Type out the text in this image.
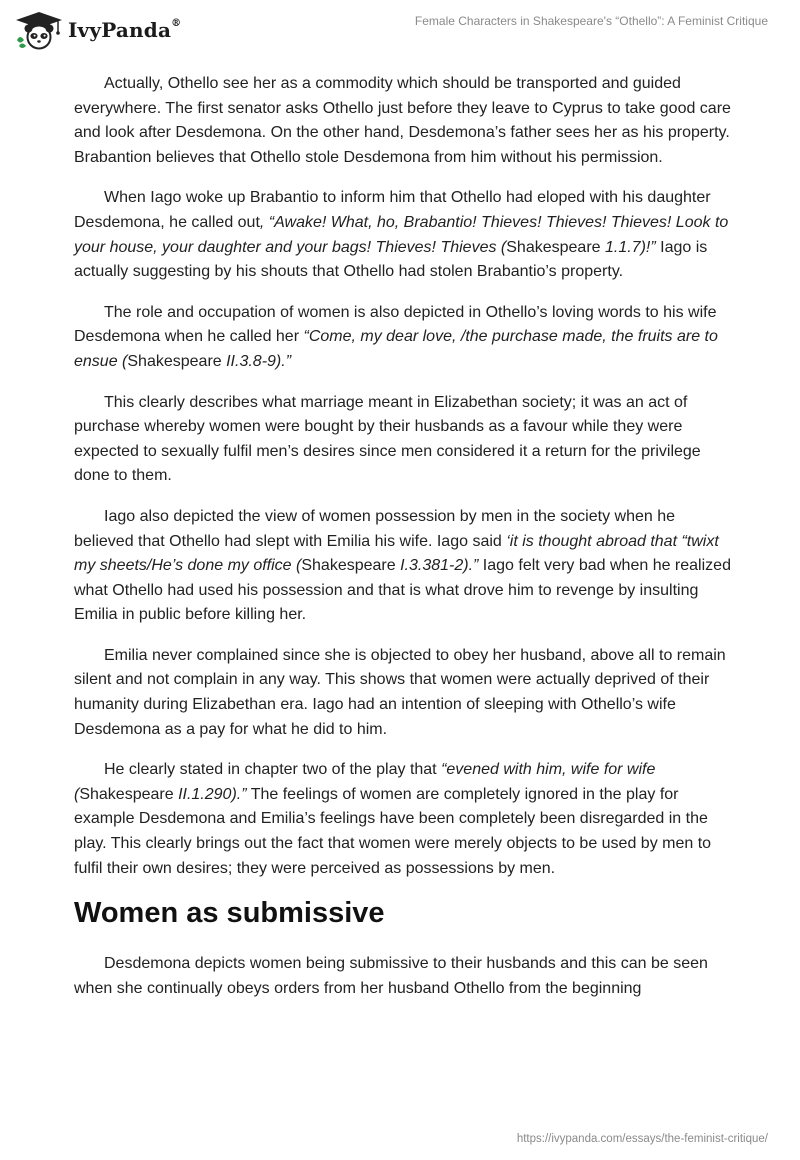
IvyPanda®	Female Characters in Shakespeare's “Othello”: A Feminist Critique

Actually, Othello see her as a commodity which should be transported and guided everywhere. The first senator asks Othello just before they leave to Cyprus to take good care and look after Desdemona. On the other hand, Desdemona’s father sees her as his property. Brabantion believes that Othello stole Desdemona from him without his permission.

When Iago woke up Brabantio to inform him that Othello had eloped with his daughter Desdemona, he called out, “Awake! What, ho, Brabantio! Thieves! Thieves! Thieves! Look to your house, your daughter and your bags! Thieves! Thieves (Shakespeare 1.1.7)!” Iago is actually suggesting by his shouts that Othello had stolen Brabantio’s property.

The role and occupation of women is also depicted in Othello’s loving words to his wife Desdemona when he called her “Come, my dear love, /the purchase made, the fruits are to ensue (Shakespeare II.3.8-9).”

This clearly describes what marriage meant in Elizabethan society; it was an act of purchase whereby women were bought by their husbands as a favour while they were expected to sexually fulfil men’s desires since men considered it a return for the privilege done to them.

Iago also depicted the view of women possession by men in the society when he believed that Othello had slept with Emilia his wife. Iago said ‘it is thought abroad that “twixt my sheets/He’s done my office (Shakespeare I.3.381-2).” Iago felt very bad when he realized what Othello had used his possession and that is what drove him to revenge by insulting Emilia in public before killing her.

Emilia never complained since she is objected to obey her husband, above all to remain silent and not complain in any way. This shows that women were actually deprived of their humanity during Elizabethan era. Iago had an intention of sleeping with Othello’s wife Desdemona as a pay for what he did to him.

He clearly stated in chapter two of the play that “evened with him, wife for wife (Shakespeare II.1.290).” The feelings of women are completely ignored in the play for example Desdemona and Emilia’s feelings have been completely been disregarded in the play. This clearly brings out the fact that women were merely objects to be used by men to fulfil their own desires; they were perceived as possessions by men.

Women as submissive

Desdemona depicts women being submissive to their husbands and this can be seen when she continually obeys orders from her husband Othello from the beginning

https://ivypanda.com/essays/the-feminist-critique/
